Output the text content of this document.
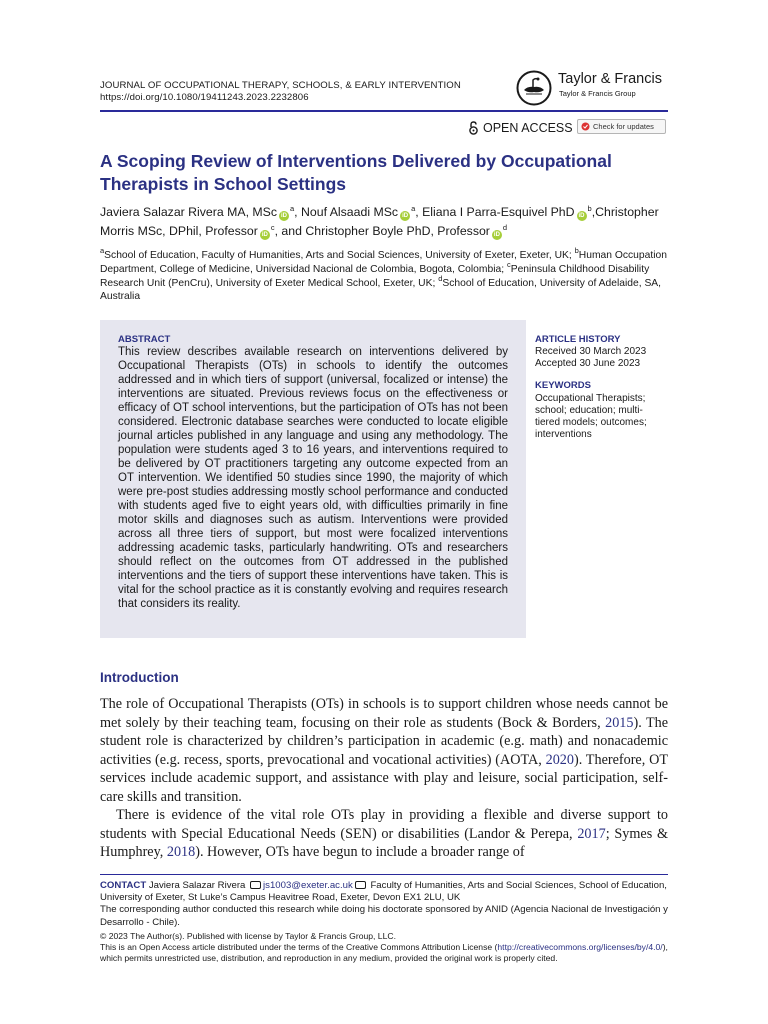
JOURNAL OF OCCUPATIONAL THERAPY, SCHOOLS, & EARLY INTERVENTION
https://doi.org/10.1080/19411243.2023.2232806
Taylor & Francis
Taylor & Francis Group
OPEN ACCESS	Check for updates
A Scoping Review of Interventions Delivered by Occupational Therapists in School Settings
Javiera Salazar Rivera MA, MSc $iD^a$, Nouf Alsaadi MSc $iD^a$, Eliana I Parra-Esquivel PhD $iD^b,Christopher$ Morris MSc, DPhil, Professor $iD^c$, and Christopher Boyle PhD, Professor $iD^d$
$^a$School of Education, Faculty of Humanities, Arts and Social Sciences, University of Exeter, Exeter, UK; $^b$Human Occupation Department, College of Medicine, Universidad Nacional de Colombia, Bogota, Colombia; $^c$Peninsula Childhood Disability Research Unit (PenCru), University of Exeter Medical School, Exeter, UK; $^d$School of Education, University of Adelaide, SA, Australia
ABSTRACT
This review describes available research on interventions delivered by Occupational Therapists (OTs) in schools to identify the outcomes addressed and in which tiers of support (universal, focalized or intense) the interventions are situated. Previous reviews focus on the effectiveness or efficacy of OT school interventions, but the participation of OTs has not been considered. Electronic database searches were conducted to locate eligible journal articles published in any language and using any methodology. The population were students aged 3 to 16 years, and interventions required to be delivered by OT practitioners targeting any outcome expected from an OT intervention. We identified 50 studies since 1990, the majority of which were pre-post studies addressing mostly school performance and conducted with students aged five to eight years old, with difficulties primarily in fine motor skills and diagnoses such as autism. Interventions were provided across all three tiers of support, but most were focalized interventions addressing academic tasks, particularly handwriting. OTs and researchers should reflect on the outcomes from OT addressed in the published interventions and the tiers of support these interventions have taken. This is vital for the school practice as it is constantly evolving and requires research that considers its reality.
ARTICLE HISTORY
Received 30 March 2023
Accepted 30 June 2023
KEYWORDS
Occupational Therapists; school; education; multi-tiered models; outcomes; interventions
Introduction

The role of Occupational Therapists (OTs) in schools is to support children whose needs cannot be met solely by their teaching team, focusing on their role as students (Bock & Borders, 2015). The student role is characterized by children’s participation in academic (e.g. math) and nonacademic activities (e.g. recess, sports, prevocational and vocational activities) (AOTA, 2020). Therefore, OT services include academic support, and assistance with play and leisure, social participation, self-care skills and transition.

There is evidence of the vital role OTs play in providing a flexible and diverse support to students with Special Educational Needs (SEN) or disabilities (Landor & Perepa, 2017; Symes & Humphrey, 2018). However, OTs have begun to include a broader range of

CONTACT Javiera Salazar Rivera js1003@exeter.ac.uk Faculty of Humanities, Arts and Social Sciences, School of Education, University of Exeter, St Luke’s Campus Heavitree Road, Exeter, Devon EX1 2LU, UK

The corresponding author conducted this research while doing his doctorate sponsored by ANID (Agencia Nacional de Investigación y Desarrollo - Chile).

© 2023 The Author(s). Published with license by Taylor & Francis Group, LLC.

This is an Open Access article distributed under the terms of the Creative Commons Attribution License (http://creativecommons.org/licenses/by/4.0/), which permits unrestricted use, distribution, and reproduction in any medium, provided the original work is properly cited.
